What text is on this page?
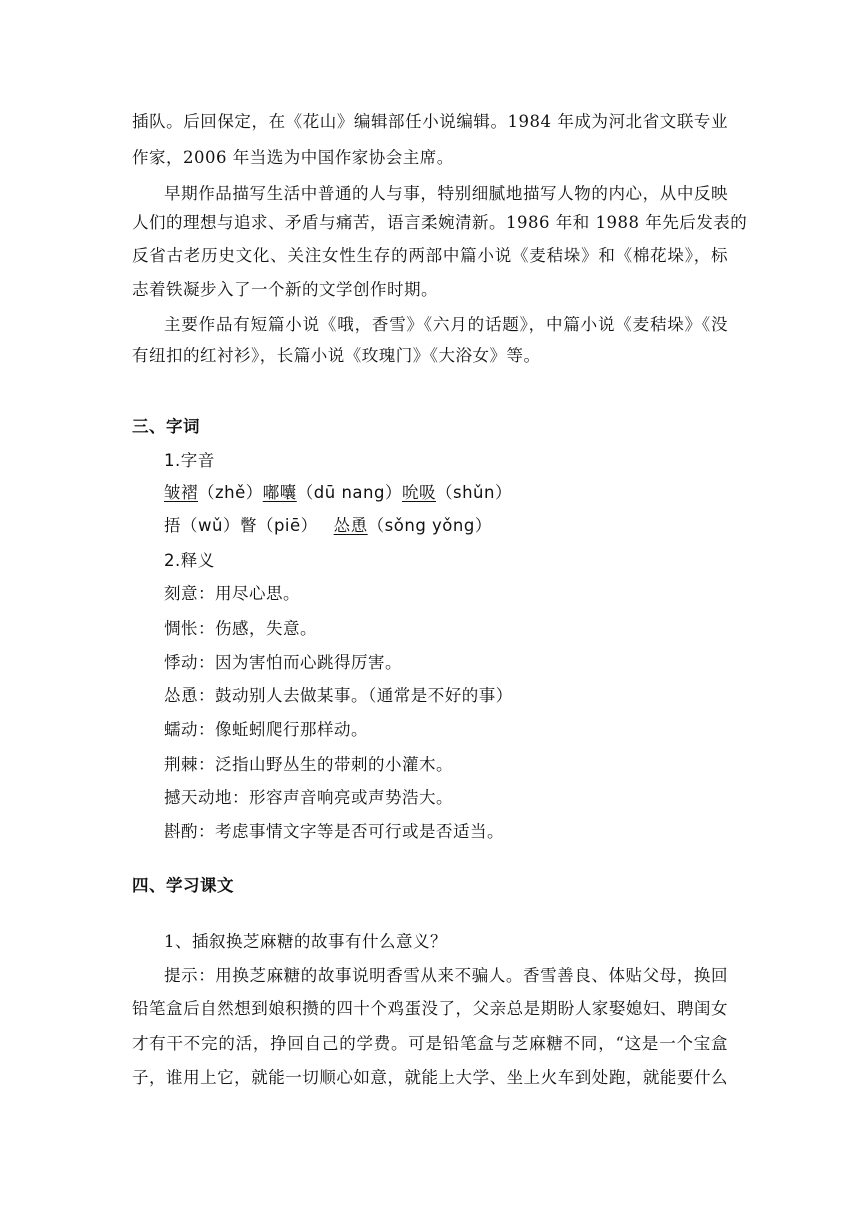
插队。后回保定，在《花山》编辑部任小说编辑。1984 年成为河北省文联专业
作家，2006 年当选为中国作家协会主席。
早期作品描写生活中普通的人与事，特别细腻地描写人物的内心，从中反映
人们的理想与追求、矛盾与痛苦，语言柔婉清新。1986 年和 1988 年先后发表的
反省古老历史文化、关注女性生存的两部中篇小说《麦秸垛》和《棉花垛》，标
志着铁凝步入了一个新的文学创作时期。
主要作品有短篇小说《哦，香雪》《六月的话题》，中篇小说《麦秸垛》《没
有纽扣的红衬衫》，长篇小说《玫瑰门》《大浴女》等。
三、字词
1.字音
皱褶（zhě）嘟囔（dū nang）吮吸（shǔn）
捂（wǔ）瞥（piē） 怂恿（sǒng yǒng）
2.释义
刻意：用尽心思。
惆怅：伤感，失意。
悸动：因为害怕而心跳得厉害。
怂恿：鼓动别人去做某事。（通常是不好的事）
蠕动：像蚯蚓爬行那样动。
荆棘：泛指山野丛生的带刺的小灌木。
撼天动地：形容声音响亮或声势浩大。
斟酌：考虑事情文字等是否可行或是否适当。
四、学习课文
1、插叙换芝麻糖的故事有什么意义？
提示：用换芝麻糖的故事说明香雪从来不骗人。香雪善良、体贴父母，换回
铅笔盒后自然想到娘积攒的四十个鸡蛋没了，父亲总是期盼人家娶媳妇、聘闺女
才有干不完的活，挣回自己的学费。可是铅笔盒与芝麻糖不同，“这是一个宝盒
子，谁用上它，就能一切顺心如意，就能上大学、坐上火车到处跑，就能要什么
